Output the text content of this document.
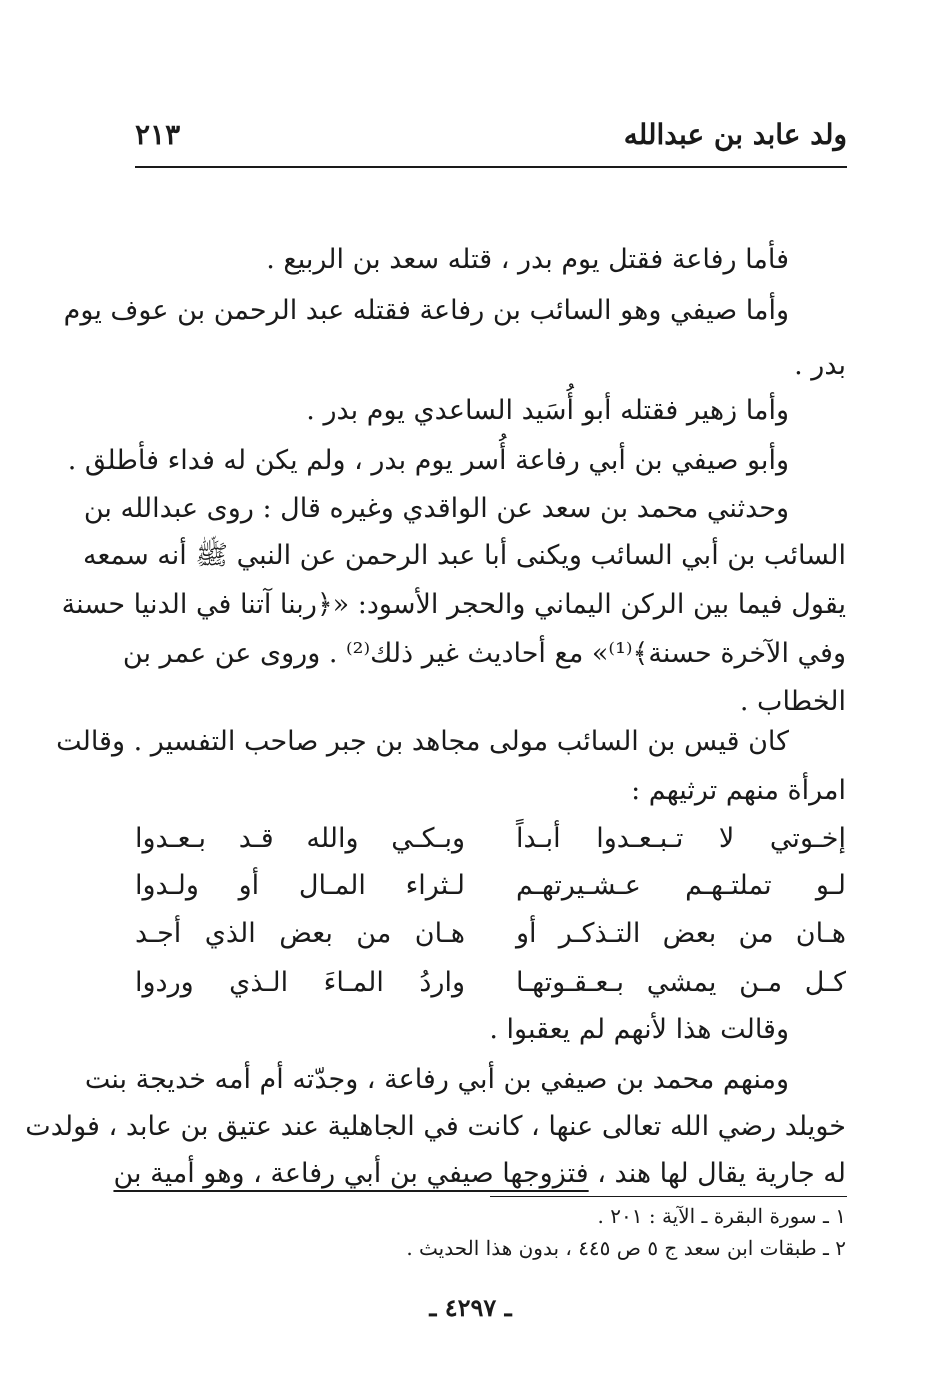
ولد عابد بن عبدالله
٢١٣
فأما رفاعة فقتل يوم بدر ، قتله سعد بن الربيع .
وأما صيفي وهو السائب بن رفاعة فقتله عبد الرحمن بن عوف يوم
بدر .
وأما زهير فقتله أبو أُسَيد الساعدي يوم بدر .
وأبو صيفي بن أبي رفاعة أُسر يوم بدر ، ولم يكن له فداء فأطلق .
وحدثني محمد بن سعد عن الواقدي وغيره قال : روى عبدالله بن
السائب بن أبي السائب ويكنى أبا عبد الرحمن عن النبي ﷺ أنه سمعه
يقول فيما بين الركن اليماني والحجر الأسود: «﴿ربنا آتنا في الدنيا حسنة
وفي الآخرة حسنة﴾⁽¹⁾» مع أحاديث غير ذلك⁽²⁾ . وروى عن عمر بن
الخطاب .
كان قيس بن السائب مولى مجاهد بن جبر صاحب التفسير . وقالت
امرأة منهم ترثيهم :
إخـوتي لا تـبـعـدوا أبـداً
وبـكـي والله قـد بـعـدوا
لـو تملتـهـم عـشـيرتهـم
لـثراء المـال أو ولـدوا
هـان من بعض التـذكـر أو
هـان من بعض الذي أجـد
كـل مـن يمشي بـعـقـوتهـا
واردُ المـاءَ الـذي وردوا
وقالت هذا لأنهم لم يعقبوا .
ومنهم محمد بن صيفي بن أبي رفاعة ، وجدّته أم أمه خديجة بنت
خويلد رضي الله تعالى عنها ، كانت في الجاهلية عند عتيق بن عابد ، فولدت
له جارية يقال لها هند ، فتزوجها صيفي بن أبي رفاعة ، وهو أمية بن
١ ـ سورة البقرة ـ الآية : ٢٠١ .
٢ ـ طبقات ابن سعد ج ٥ ص ٤٤٥ ، بدون هذا الحديث .
ـ ٤٢٩٧ ـ
